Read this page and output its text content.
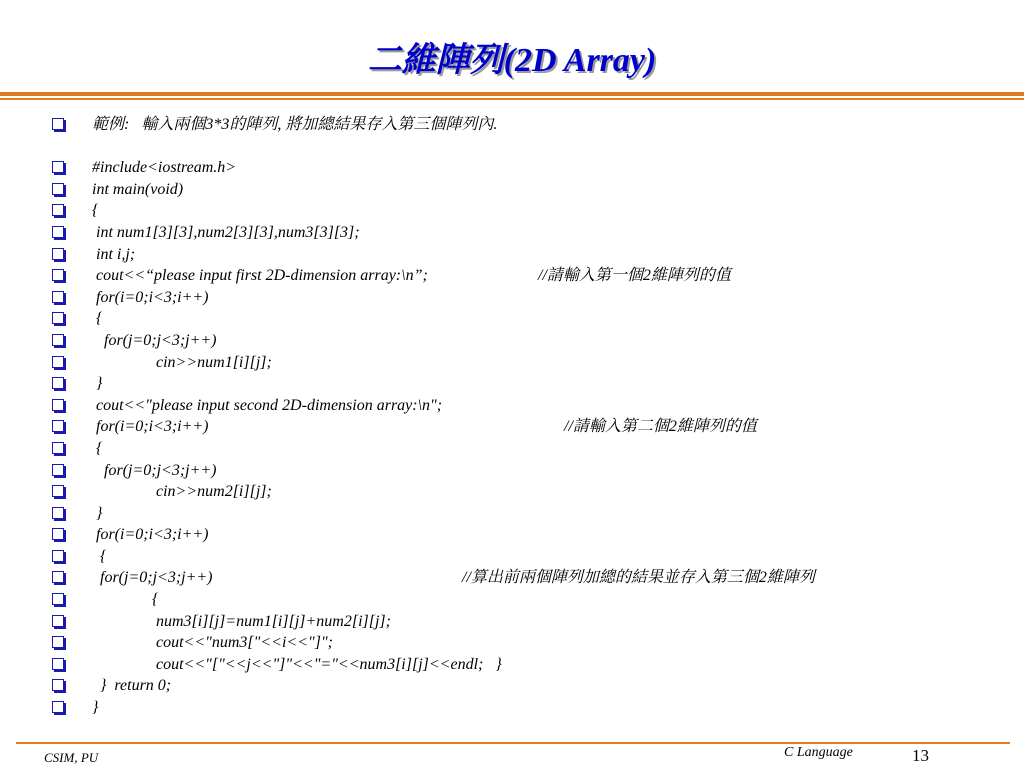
二維陣列(2D Array)
範例:   輸入兩個3*3的陣列, 將加總結果存入第三個陣列內.
#include<iostream.h>
int main(void)
{
int num1[3][3],num2[3][3],num3[3][3];
int i,j;
cout<<“please input first 2D-dimension array:\n”;	//請輸入第一個2維陣列的值
for(i=0;i<3;i++)
{
for(j=0;j<3;j++)
cin>>num1[i][j];
}
cout<<"please input second 2D-dimension array:\n";
for(i=0;i<3;i++)	//請輸入第二個2維陣列的值
{
for(j=0;j<3;j++)
cin>>num2[i][j];
}
for(i=0;i<3;i++)
{
for(j=0;j<3;j++)	//算出前兩個陣列加總的結果並存入第三個2維陣列
{
num3[i][j]=num1[i][j]+num2[i][j];
cout<<"num3["<<i<<"]";
cout<<"["<<j<<"]"<<"="<<num3[i][j]<<endl;   }
}  return 0;
}
CSIM, PU	C Language	13
